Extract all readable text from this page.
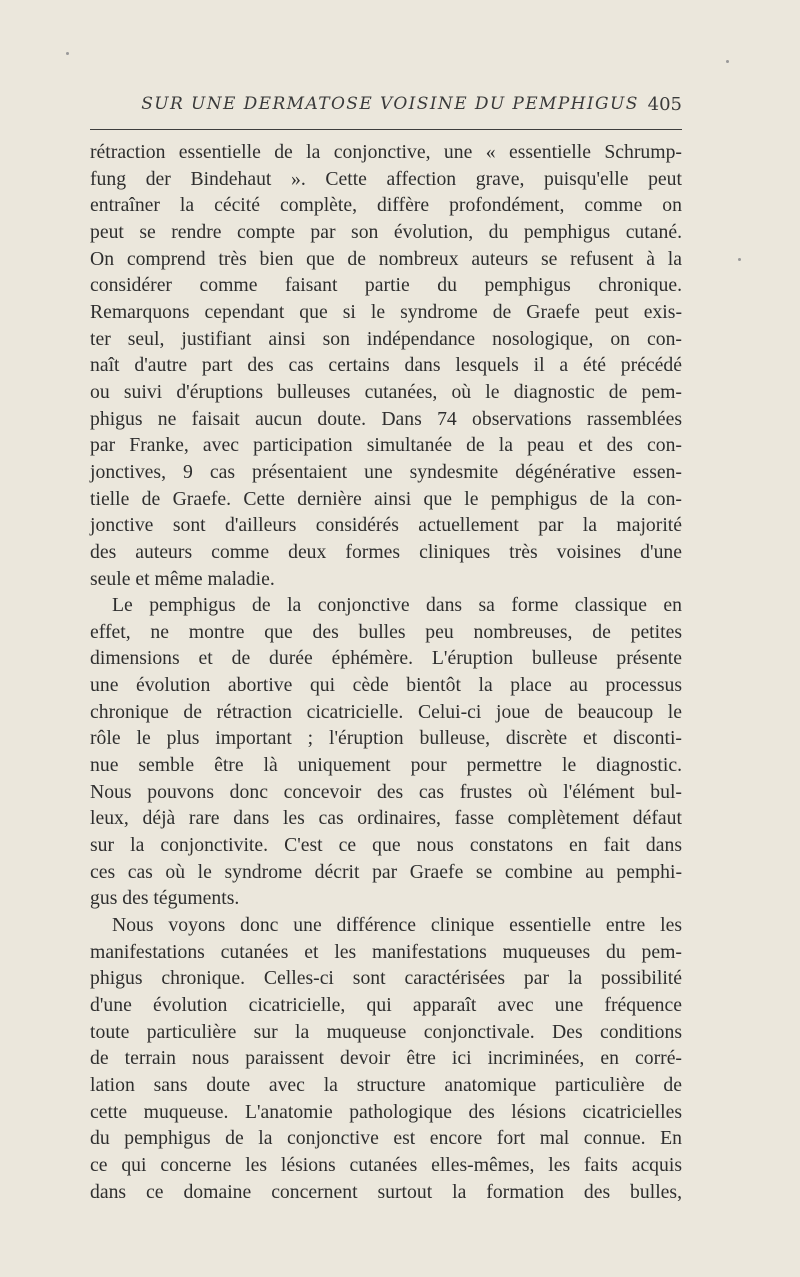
SUR UNE DERMATOSE VOISINE DU PEMPHIGUS 405
rétraction essentielle de la conjonctive, une « essentielle Schrump-
fung der Bindehaut ». Cette affection grave, puisqu'elle peut
entraîner la cécité complète, diffère profondément, comme on
peut se rendre compte par son évolution, du pemphigus cutané.
On comprend très bien que de nombreux auteurs se refusent à la
considérer comme faisant partie du pemphigus chronique.
Remarquons cependant que si le syndrome de Graefe peut exis-
ter seul, justifiant ainsi son indépendance nosologique, on con-
naît d'autre part des cas certains dans lesquels il a été précédé
ou suivi d'éruptions bulleuses cutanées, où le diagnostic de pem-
phigus ne faisait aucun doute. Dans 74 observations rassemblées
par Franke, avec participation simultanée de la peau et des con-
jonctives, 9 cas présentaient une syndesmite dégénérative essen-
tielle de Graefe. Cette dernière ainsi que le pemphigus de la con-
jonctive sont d'ailleurs considérés actuellement par la majorité
des auteurs comme deux formes cliniques très voisines d'une
seule et même maladie.
Le pemphigus de la conjonctive dans sa forme classique en
effet, ne montre que des bulles peu nombreuses, de petites
dimensions et de durée éphémère. L'éruption bulleuse présente
une évolution abortive qui cède bientôt la place au processus
chronique de rétraction cicatricielle. Celui-ci joue de beaucoup le
rôle le plus important ; l'éruption bulleuse, discrète et disconti-
nue semble être là uniquement pour permettre le diagnostic.
Nous pouvons donc concevoir des cas frustes où l'élément bul-
leux, déjà rare dans les cas ordinaires, fasse complètement défaut
sur la conjonctivite. C'est ce que nous constatons en fait dans
ces cas où le syndrome décrit par Graefe se combine au pemphi-
gus des téguments.
Nous voyons donc une différence clinique essentielle entre les
manifestations cutanées et les manifestations muqueuses du pem-
phigus chronique. Celles-ci sont caractérisées par la possibilité
d'une évolution cicatricielle, qui apparaît avec une fréquence
toute particulière sur la muqueuse conjonctivale. Des conditions
de terrain nous paraissent devoir être ici incriminées, en corré-
lation sans doute avec la structure anatomique particulière de
cette muqueuse. L'anatomie pathologique des lésions cicatricielles
du pemphigus de la conjonctive est encore fort mal connue. En
ce qui concerne les lésions cutanées elles-mêmes, les faits acquis
dans ce domaine concernent surtout la formation des bulles,
